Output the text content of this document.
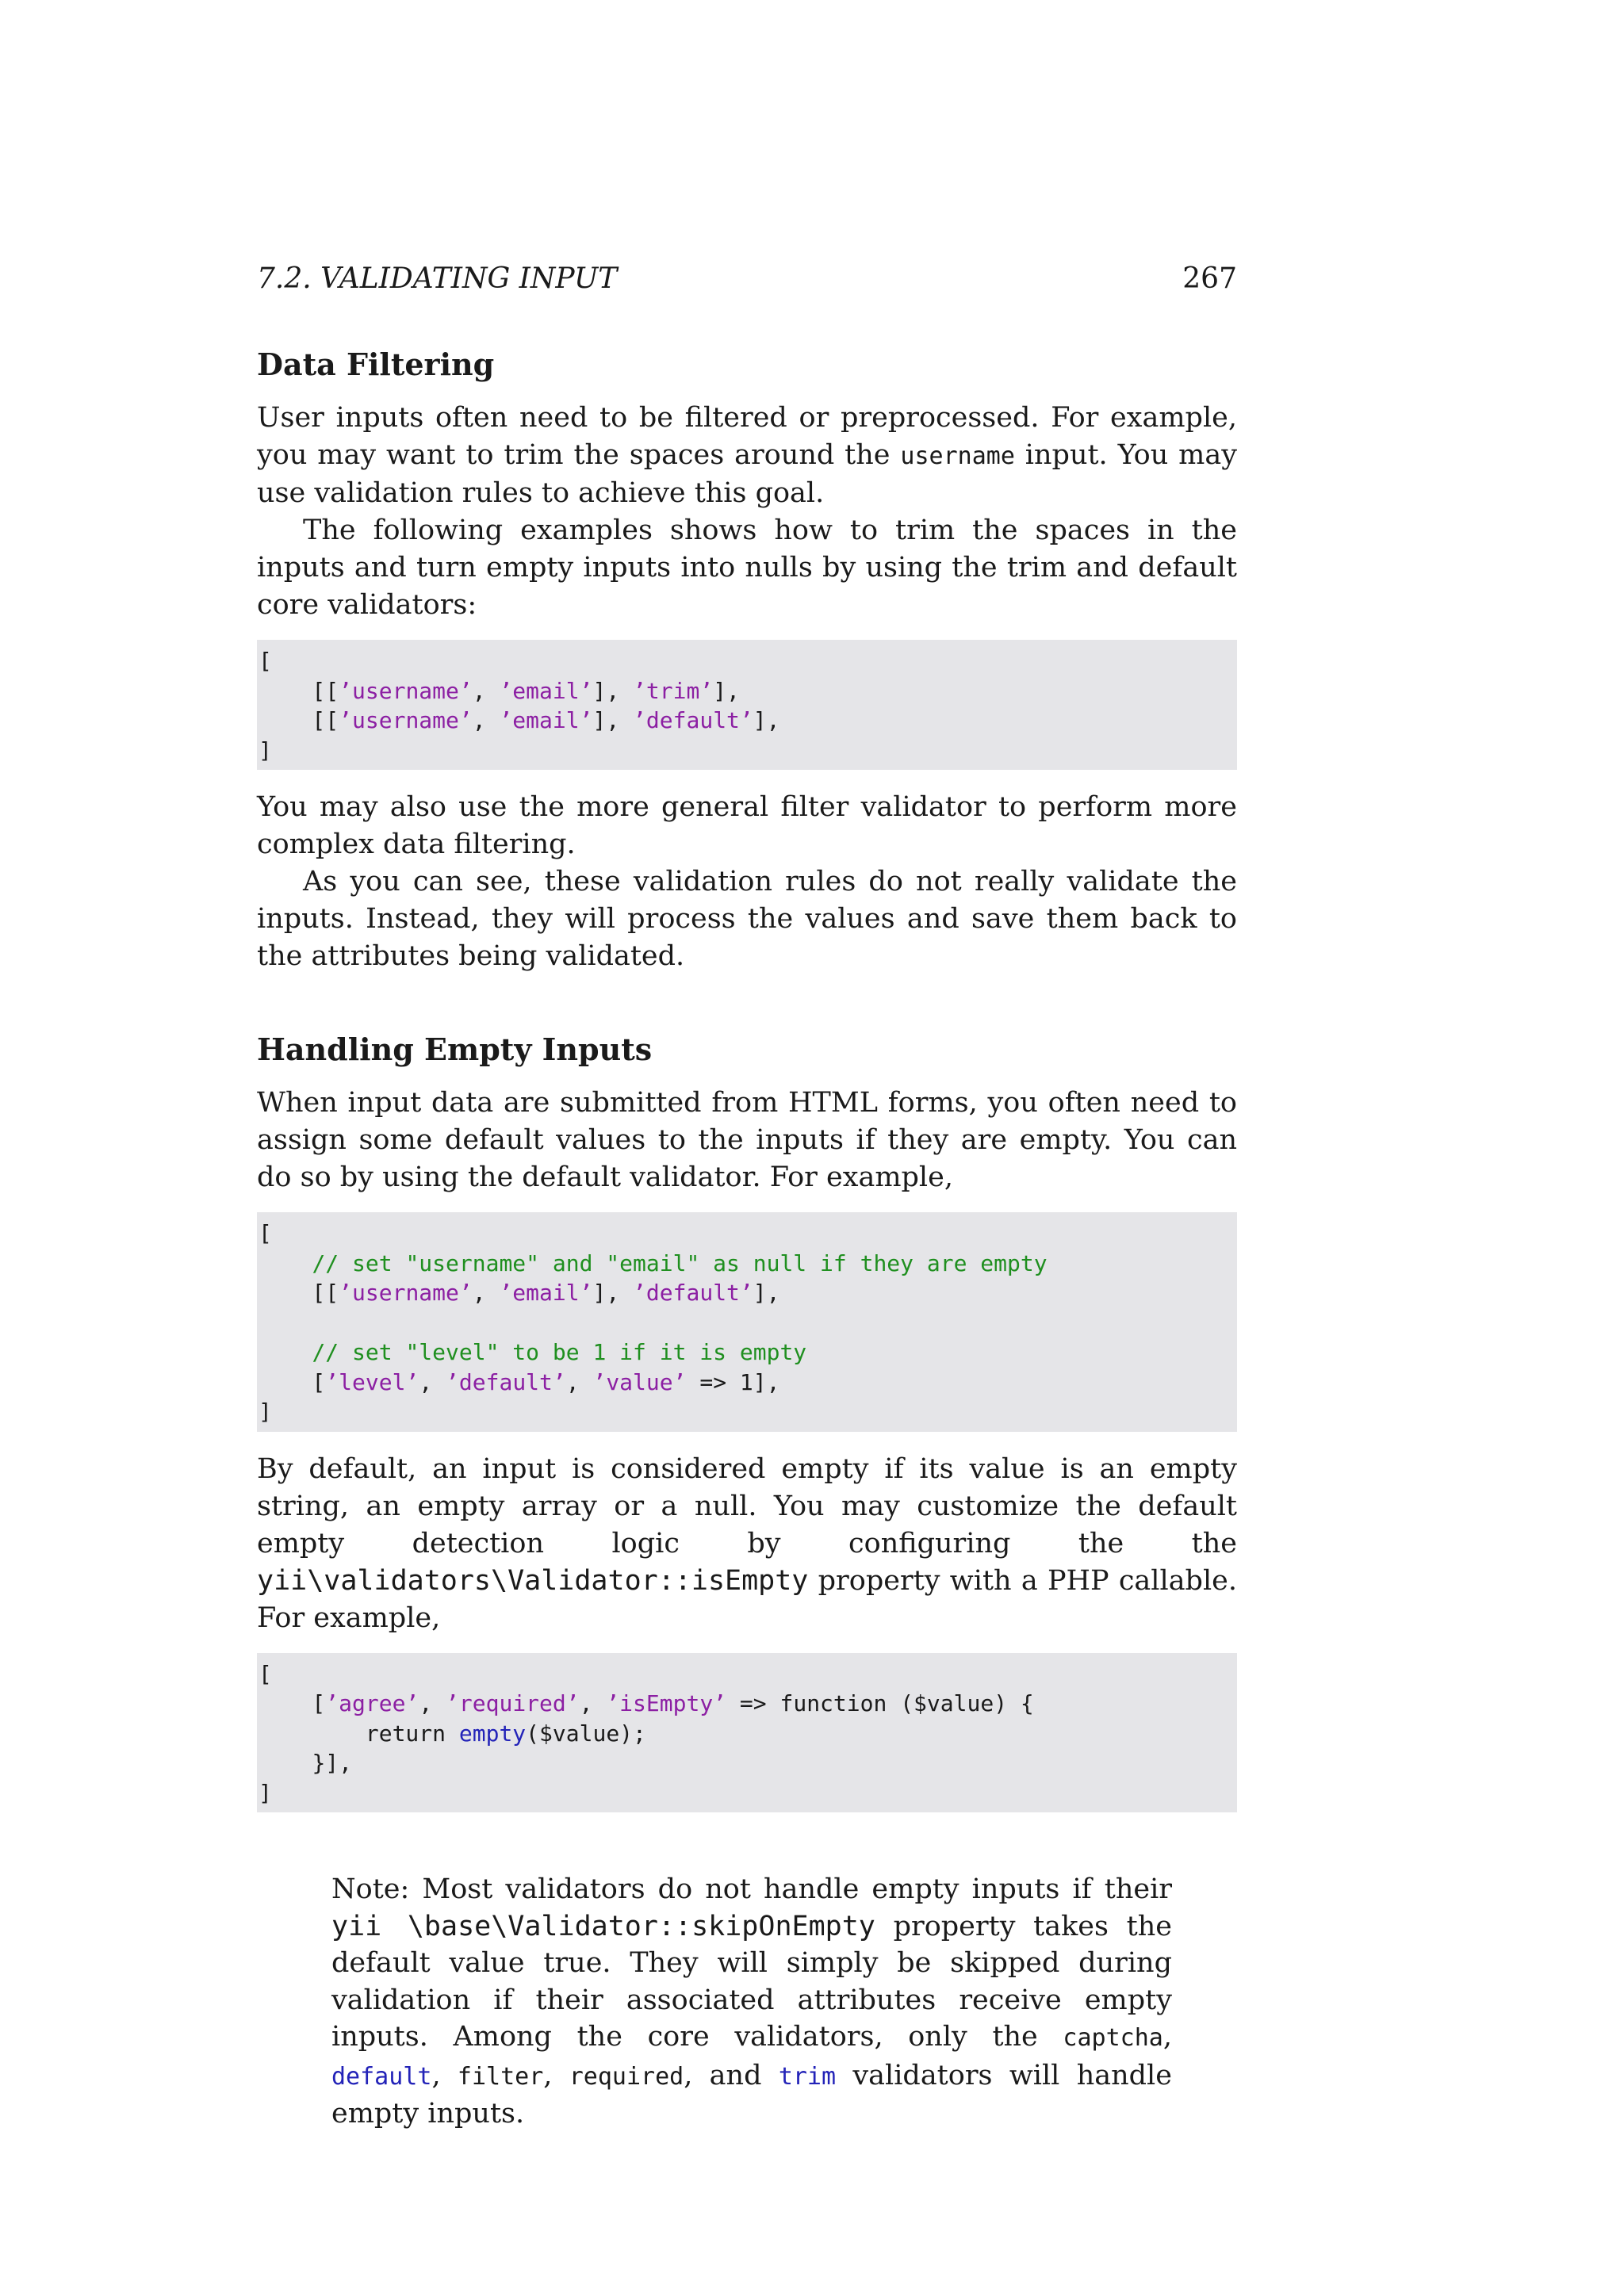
7.2. VALIDATING INPUT	267
Data Filtering

User inputs often need to be filtered or preprocessed. For example, you may want to trim the spaces around the username input. You may use validation rules to achieve this goal.

The following examples shows how to trim the spaces in the inputs and turn empty inputs into nulls by using the trim and default core validators:

[
[[’username’, ’email’], ’trim’],
[[’username’, ’email’], ’default’],
]

You may also use the more general filter validator to perform more complex data filtering.

As you can see, these validation rules do not really validate the inputs. Instead, they will process the values and save them back to the attributes being validated.

Handling Empty Inputs

When input data are submitted from HTML forms, you often need to assign some default values to the inputs if they are empty. You can do so by using the default validator. For example,

[
// set "username" and "email" as null if they are empty
[[’username’, ’email’], ’default’],

// set "level" to be 1 if it is empty
[’level’, ’default’, ’value’ => 1],
]

By default, an input is considered empty if its value is an empty string, an empty array or a null. You may customize the default empty detection logic by configuring the the yii\validators\Validator::isEmpty property with a PHP callable. For example,

[
[’agree’, ’required’, ’isEmpty’ => function ($value) {
return empty($value);
}],
]

Note: Most validators do not handle empty inputs if their yii \base\Validator::skipOnEmpty property takes the default value true. They will simply be skipped during validation if their associated attributes receive empty inputs. Among the core validators, only the captcha, default, filter, required, and trim validators will handle empty inputs.
